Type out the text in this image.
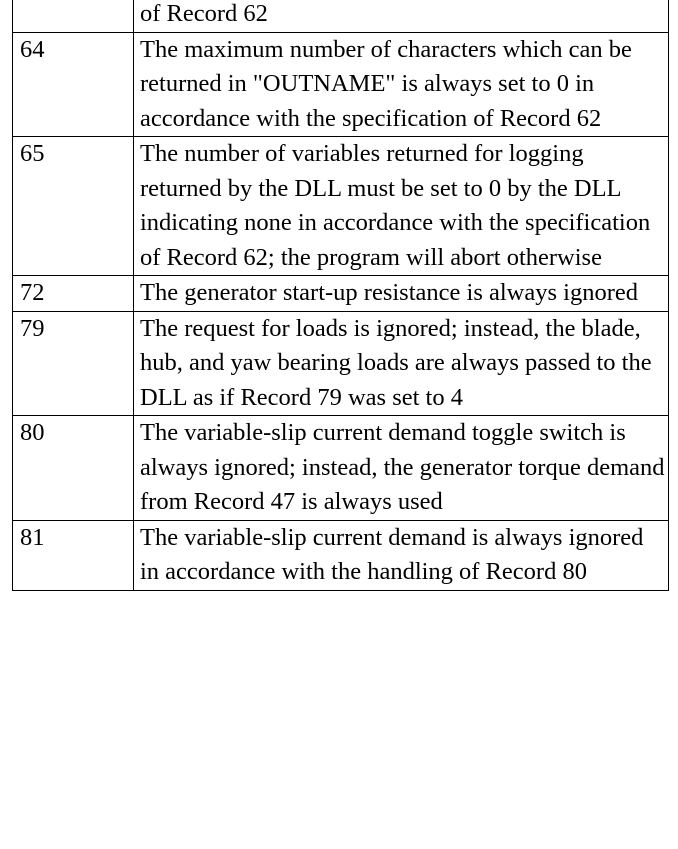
	of Record 62
64	The maximum number of characters which can be returned in "OUTNAME" is always set to 0 in accordance with the specification of Record 62
65	The number of variables returned for logging returned by the DLL must be set to 0 by the DLL indicating none in accordance with the specification of Record 62; the program will abort otherwise
72	The generator start-up resistance is always ignored
79	The request for loads is ignored; instead, the blade, hub, and yaw bearing loads are always passed to the DLL as if Record 79 was set to 4
80	The variable-slip current demand toggle switch is always ignored; instead, the generator torque demand from Record 47 is always used
81	The variable-slip current demand is always ignored in accordance with the handling of Record 80
